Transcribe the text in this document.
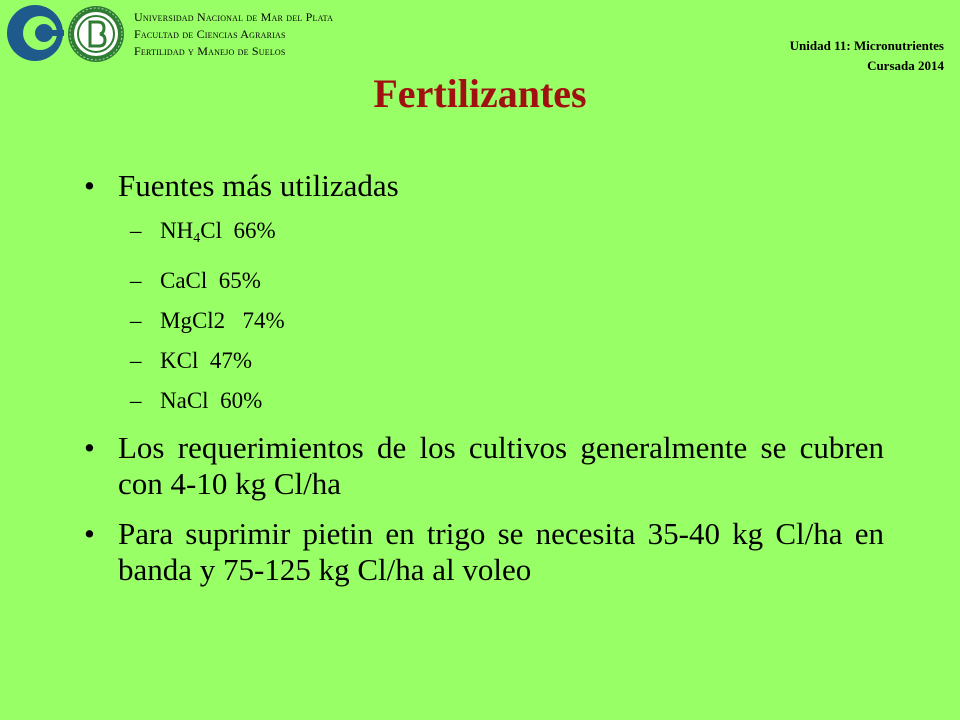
Universidad Nacional de Mar del Plata
Facultad de Ciencias Agrarias
Fertilidad y Manejo de Suelos	Unidad 11: Micronutrientes
Cursada 2014
Fertilizantes
• Fuentes más utilizadas
– $NH_4Cl$ 66%
– CaCl 65%
– MgCl2 74%
– KCl 47%
– NaCl 60%
• Los requerimientos de los cultivos generalmente se cubren con 4-10 kg Cl/ha
• Para suprimir pietin en trigo se necesita 35-40 kg Cl/ha en banda y 75-125 kg Cl/ha al voleo
